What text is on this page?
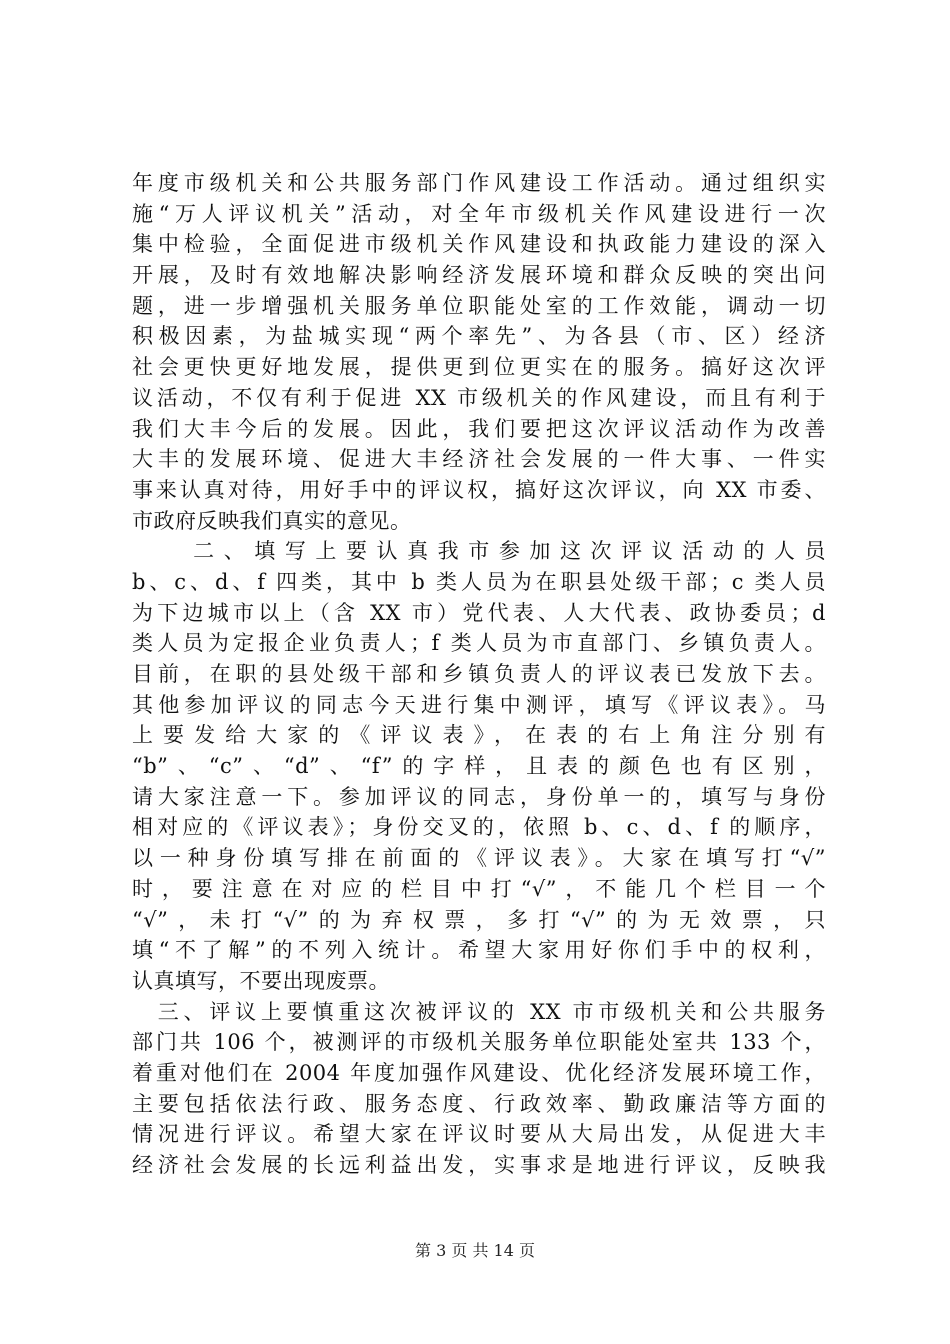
年度市级机关和公共服务部门作风建设工作活动。通过组织实
施“万人评议机关”活动，对全年市级机关作风建设进行一次
集中检验，全面促进市级机关作风建设和执政能力建设的深入
开展，及时有效地解决影响经济发展环境和群众反映的突出问
题，进一步增强机关服务单位职能处室的工作效能，调动一切
积极因素，为盐城实现“两个率先”、为各县（市、区）经济
社会更快更好地发展，提供更到位更实在的服务。搞好这次评
议活动，不仅有利于促进 XX 市级机关的作风建设，而且有利于
我们大丰今后的发展。因此，我们要把这次评议活动作为改善
大丰的发展环境、促进大丰经济社会发展的一件大事、一件实
事来认真对待，用好手中的评议权，搞好这次评议，向 XX 市委、
市政府反映我们真实的意见。
　　二、填写上要认真我市参加这次评议活动的人员
b、c、d、f 四类，其中 b 类人员为在职县处级干部；c 类人员
为下边城市以上（含 XX 市）党代表、人大代表、政协委员；d
类人员为定报企业负责人；f 类人员为市直部门、乡镇负责人。
目前，在职的县处级干部和乡镇负责人的评议表已发放下去。
其他参加评议的同志今天进行集中测评，填写《评议表》。马
上要发给大家的《评议表》，在表的右上角注分别有
“b”、“c”、“d”、“f”的字样，且表的颜色也有区别，
请大家注意一下。参加评议的同志，身份单一的，填写与身份
相对应的《评议表》；身份交叉的，依照 b、c、d、f 的顺序，
以一种身份填写排在前面的《评议表》。大家在填写打“√”
时，要注意在对应的栏目中打“√”，不能几个栏目一个
“√”，未打“√”的为弃权票，多打“√”的为无效票，只
填“不了解”的不列入统计。希望大家用好你们手中的权利，
认真填写，不要出现废票。
　三、评议上要慎重这次被评议的 XX 市市级机关和公共服务
部门共 106 个，被测评的市级机关服务单位职能处室共 133 个，
着重对他们在 2004 年度加强作风建设、优化经济发展环境工作，
主要包括依法行政、服务态度、行政效率、勤政廉洁等方面的
情况进行评议。希望大家在评议时要从大局出发，从促进大丰
经济社会发展的长远利益出发，实事求是地进行评议，反映我
第 3 页 共 14 页
